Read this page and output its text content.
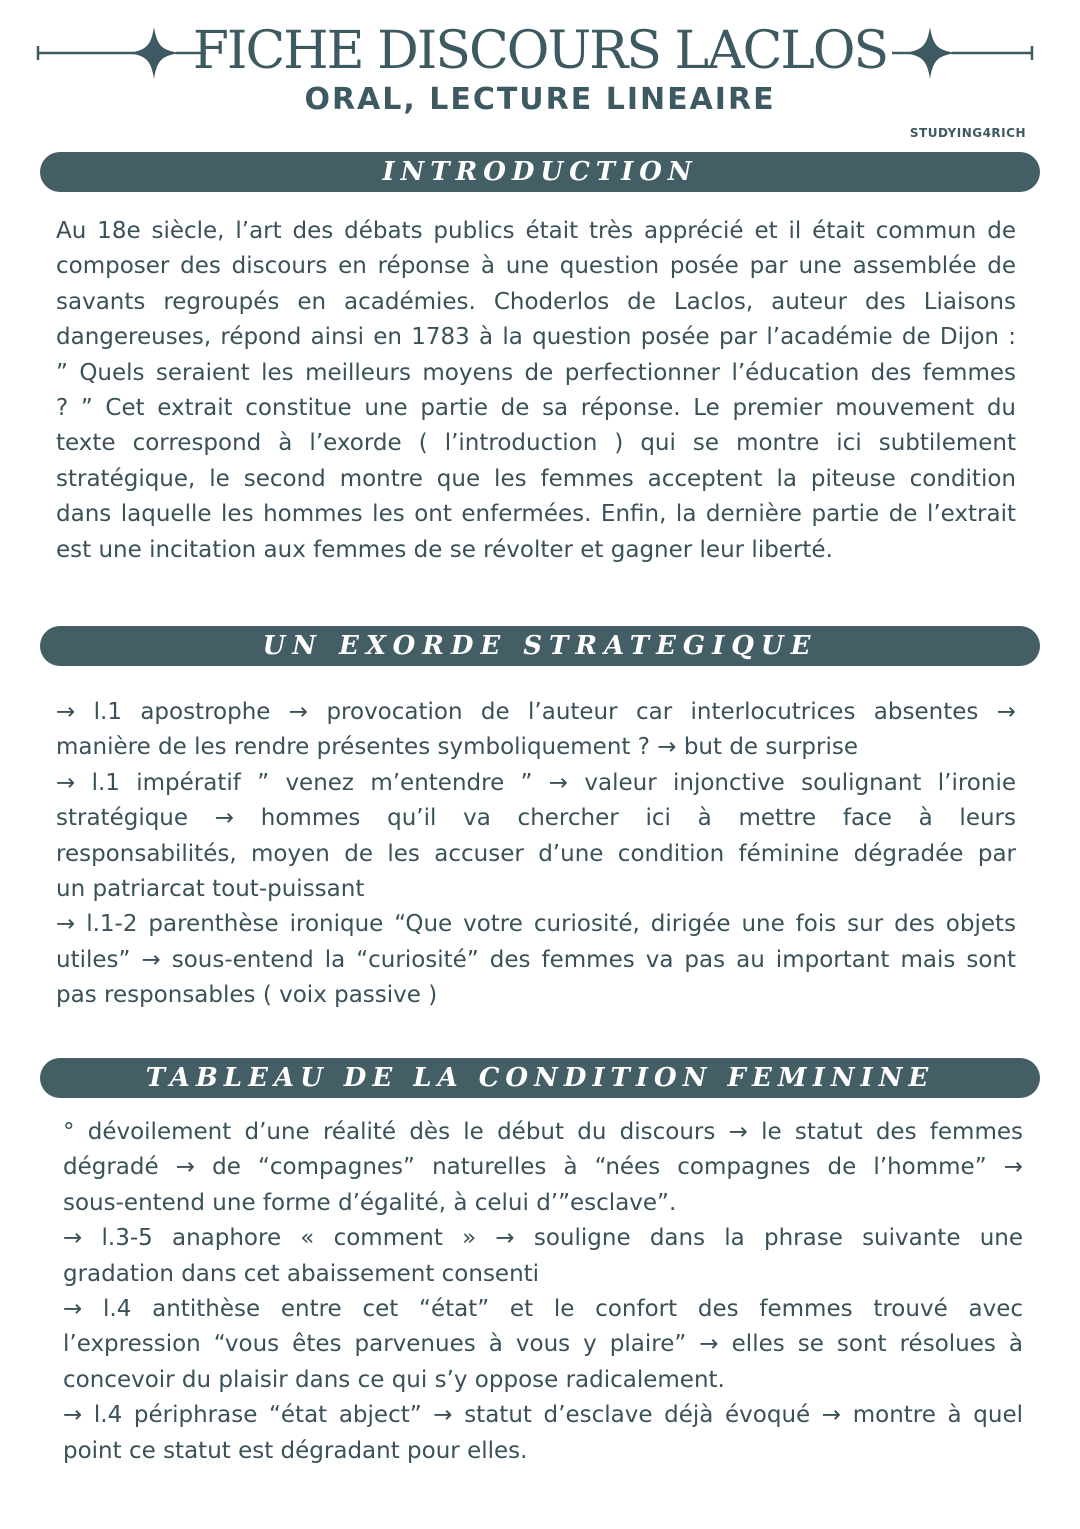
FICHE DISCOURS LACLOS
ORAL, LECTURE LINEAIRE
STUDYING4RICH
INTRODUCTION
Au 18e siècle, l’art des débats publics était très apprécié et il était commun de
composer des discours en réponse à une question posée par une assemblée de
savants regroupés en académies. Choderlos de Laclos, auteur des Liaisons
dangereuses, répond ainsi en 1783 à la question posée par l’académie de Dijon :
” Quels seraient les meilleurs moyens de perfectionner l’éducation des femmes
? ” Cet extrait constitue une partie de sa réponse. Le premier mouvement du
texte correspond à l’exorde ( l’introduction ) qui se montre ici subtilement
stratégique, le second montre que les femmes acceptent la piteuse condition
dans laquelle les hommes les ont enfermées. Enfin, la dernière partie de l’extrait
est une incitation aux femmes de se révolter et gagner leur liberté.
UN EXORDE STRATEGIQUE
→ l.1 apostrophe → provocation de l’auteur car interlocutrices absentes →
manière de les rendre présentes symboliquement ? → but de surprise
→ l.1 impératif ” venez m’entendre ” → valeur injonctive soulignant l’ironie
stratégique → hommes qu’il va chercher ici à mettre face à leurs
responsabilités, moyen de les accuser d’une condition féminine dégradée par
un patriarcat tout-puissant
→ l.1-2 parenthèse ironique “Que votre curiosité, dirigée une fois sur des objets
utiles” → sous-entend la “curiosité” des femmes va pas au important mais sont
pas responsables ( voix passive )
TABLEAU DE LA CONDITION FEMININE
° dévoilement d’une réalité dès le début du discours → le statut des femmes
dégradé → de “compagnes” naturelles à “nées compagnes de l’homme” →
sous-entend une forme d’égalité, à celui d’”esclave”.
→ l.3-5 anaphore « comment » → souligne dans la phrase suivante une
gradation dans cet abaissement consenti
→ l.4 antithèse entre cet “état” et le confort des femmes trouvé avec
l’expression “vous êtes parvenues à vous y plaire” → elles se sont résolues à
concevoir du plaisir dans ce qui s’y oppose radicalement.
→ l.4 périphrase “état abject” → statut d’esclave déjà évoqué → montre à quel
point ce statut est dégradant pour elles.
